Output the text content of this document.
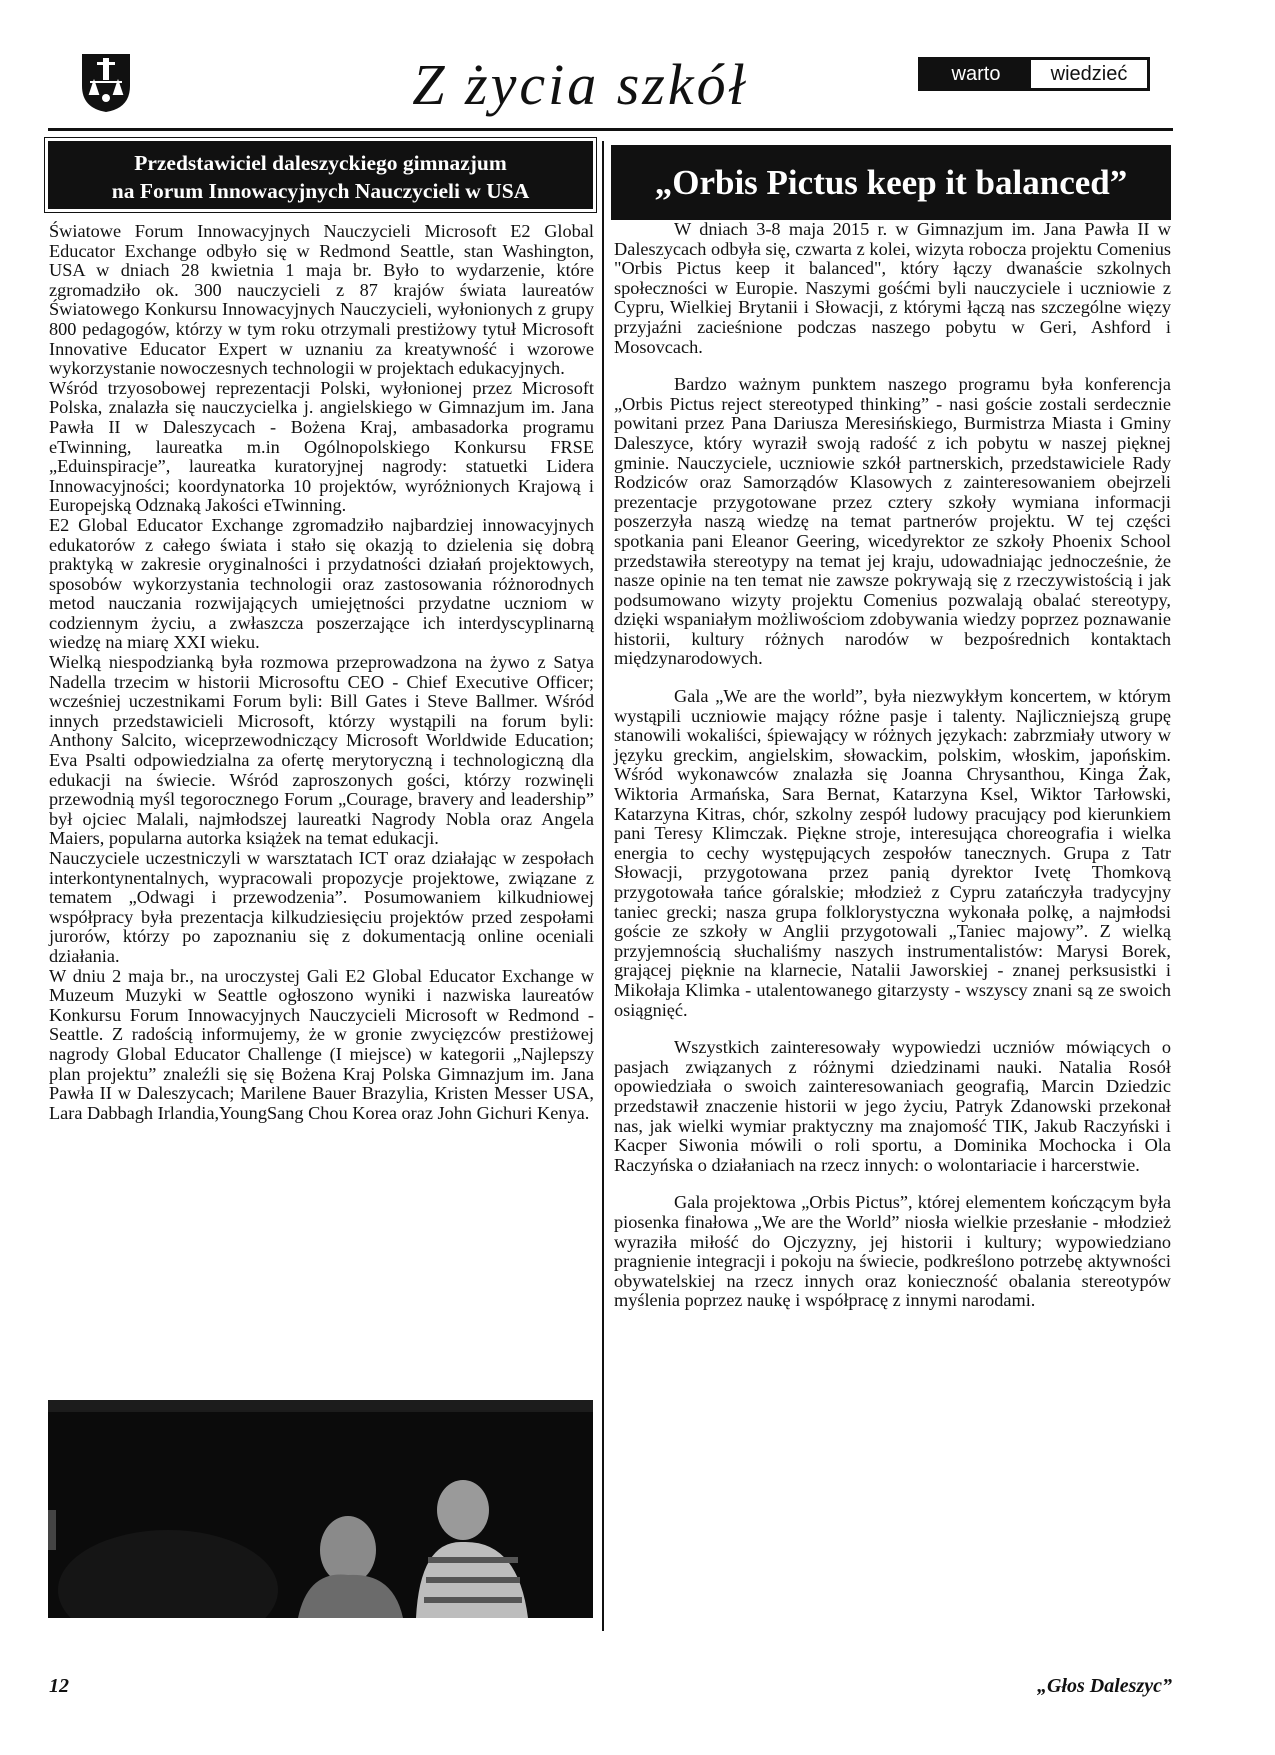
Z życia szkół	warto	wiedzieć
Przedstawiciel daleszyckiego gimnazjum
na Forum Innowacyjnych Nauczycieli w USA	„Orbis Pictus keep it balanced”

Światowe Forum Innowacyjnych Nauczycieli Microsoft E2 Global Educator Exchange odbyło się w Redmond Seattle, stan Washington, USA w dniach 28 kwietnia 1 maja br. Było to wydarzenie, które zgromadziło ok. 300 nauczycieli z 87 krajów świata laureatów Światowego Konkursu Innowacyjnych Nauczycieli, wyłonionych z grupy 800 pedagogów, którzy w tym roku otrzymali prestiżowy tytuł Microsoft Innovative Educator Expert w uznaniu za kreatywność i wzorowe wykorzystanie nowoczesnych technologii w projektach edukacyjnych.

Wśród trzyosobowej reprezentacji Polski, wyłonionej przez Microsoft Polska, znalazła się nauczycielka j. angielskiego w Gimnazjum im. Jana Pawła II w Daleszycach - Bożena Kraj, ambasadorka programu eTwinning, laureatka m.in Ogólnopolskiego Konkursu FRSE „Eduinspiracje”, laureatka kuratoryjnej nagrody: statuetki Lidera Innowacyjności; koordynatorka 10 projektów, wyróżnionych Krajową i Europejską Odznaką Jakości eTwinning.

E2 Global Educator Exchange zgromadziło najbardziej innowacyjnych edukatorów z całego świata i stało się okazją to dzielenia się dobrą praktyką w zakresie oryginalności i przydatności działań projektowych, sposobów wykorzystania technologii oraz zastosowania różnorodnych metod nauczania rozwijających umiejętności przydatne uczniom w codziennym życiu, a zwłaszcza poszerzające ich interdyscyplinarną wiedzę na miarę XXI wieku.

Wielką niespodzianką była rozmowa przeprowadzona na żywo z Satya Nadella trzecim w historii Microsoftu CEO - Chief Executive Officer; wcześniej uczestnikami Forum byli: Bill Gates i Steve Ballmer. Wśród innych przedstawicieli Microsoft, którzy wystąpili na forum byli: Anthony Salcito, wiceprzewodniczący Microsoft Worldwide Education; Eva Psalti odpowiedzialna za ofertę merytoryczną i technologiczną dla edukacji na świecie. Wśród zaproszonych gości, którzy rozwinęli przewodnią myśl tegorocznego Forum „Courage, bravery and leadership” był ojciec Malali, najmłodszej laureatki Nagrody Nobla oraz Angela Maiers, popularna autorka książek na temat edukacji.

Nauczyciele uczestniczyli w warsztatach ICT oraz działając w zespołach interkontynentalnych, wypracowali propozycje projektowe, związane z tematem „Odwagi i przewodzenia”. Posumowaniem kilkudniowej współpracy była prezentacja kilkudziesięciu projektów przed zespołami jurorów, którzy po zapoznaniu się z dokumentacją online oceniali działania.

W dniu 2 maja br., na uroczystej Gali E2 Global Educator Exchange w Muzeum Muzyki w Seattle ogłoszono wyniki i nazwiska laureatów Konkursu Forum Innowacyjnych Nauczycieli Microsoft w Redmond - Seattle. Z radością informujemy, że w gronie zwycięzców prestiżowej nagrody Global Educator Challenge (I miejsce) w kategorii „Najlepszy plan projektu” znaleźli się się Bożena Kraj Polska Gimnazjum im. Jana Pawła II w Daleszycach; Marilene Bauer Brazylia, Kristen Messer USA, Lara Dabbagh Irlandia,YoungSang Chou Korea oraz John Gichuri Kenya.

W dniach 3-8 maja 2015 r. w Gimnazjum im. Jana Pawła II w Daleszycach odbyła się, czwarta z kolei, wizyta robocza projektu Comenius "Orbis Pictus keep it balanced", który łączy dwanaście szkolnych społeczności w Europie. Naszymi gośćmi byli nauczyciele i uczniowie z Cypru, Wielkiej Brytanii i Słowacji, z którymi łączą nas szczególne więzy przyjaźni zacieśnione podczas naszego pobytu w Geri, Ashford i Mosovcach.

Bardzo ważnym punktem naszego programu była konferencja „Orbis Pictus reject stereotyped thinking” - nasi goście zostali serdecznie powitani przez Pana Dariusza Meresińskiego, Burmistrza Miasta i Gminy Daleszyce, który wyraził swoją radość z ich pobytu w naszej pięknej gminie. Nauczyciele, uczniowie szkół partnerskich, przedstawiciele Rady Rodziców oraz Samorządów Klasowych z zainteresowaniem obejrzeli prezentacje przygotowane przez cztery szkoły wymiana informacji poszerzyła naszą wiedzę na temat partnerów projektu. W tej części spotkania pani Eleanor Geering, wicedyrektor ze szkoły Phoenix School przedstawiła stereotypy na temat jej kraju, udowadniając jednocześnie, że nasze opinie na ten temat nie zawsze pokrywają się z rzeczywistością i jak podsumowano wizyty projektu Comenius pozwalają obalać stereotypy, dzięki wspaniałym możliwościom zdobywania wiedzy poprzez poznawanie historii, kultury różnych narodów w bezpośrednich kontaktach międzynarodowych.

Gala „We are the world”, była niezwykłym koncertem, w którym wystąpili uczniowie mający różne pasje i talenty. Najliczniejszą grupę stanowili wokaliści, śpiewający w różnych językach: zabrzmiały utwory w języku greckim, angielskim, słowackim, polskim, włoskim, japońskim. Wśród wykonawców znalazła się Joanna Chrysanthou, Kinga Żak, Wiktoria Armańska, Sara Bernat, Katarzyna Ksel, Wiktor Tarłowski, Katarzyna Kitras, chór, szkolny zespół ludowy pracujący pod kierunkiem pani Teresy Klimczak. Piękne stroje, interesująca choreografia i wielka energia to cechy występujących zespołów tanecznych. Grupa z Tatr Słowacji, przygotowana przez panią dyrektor Ivetę Thomkovą przygotowała tańce góralskie; młodzież z Cypru zatańczyła tradycyjny taniec grecki; nasza grupa folklorystyczna wykonała polkę, a najmłodsi goście ze szkoły w Anglii przygotowali „Taniec majowy”. Z wielką przyjemnością słuchaliśmy naszych instrumentalistów: Marysi Borek, grającej pięknie na klarnecie, Natalii Jaworskiej - znanej perksusistki i Mikołaja Klimka - utalentowanego gitarzysty - wszyscy znani są ze swoich osiągnięć.

Wszystkich zainteresowały wypowiedzi uczniów mówiących o pasjach związanych z różnymi dziedzinami nauki. Natalia Rosół opowiedziała o swoich zainteresowaniach geografią, Marcin Dziedzic przedstawił znaczenie historii w jego życiu, Patryk Zdanowski przekonał nas, jak wielki wymiar praktyczny ma znajomość TIK, Jakub Raczyński i Kacper Siwonia mówili o roli sportu, a Dominika Mochocka i Ola Raczyńska o działaniach na rzecz innych: o wolontariacie i harcerstwie.

Gala projektowa „Orbis Pictus”, której elementem kończącym była piosenka finałowa „We are the World” niosła wielkie przesłanie - młodzież wyraziła miłość do Ojczyzny, jej historii i kultury; wypowiedziano pragnienie integracji i pokoju na świecie, podkreślono potrzebę aktywności obywatelskiej na rzecz innych oraz konieczność obalania stereotypów myślenia poprzez naukę i współpracę z innymi narodami.

12	„Głos Daleszyc”
